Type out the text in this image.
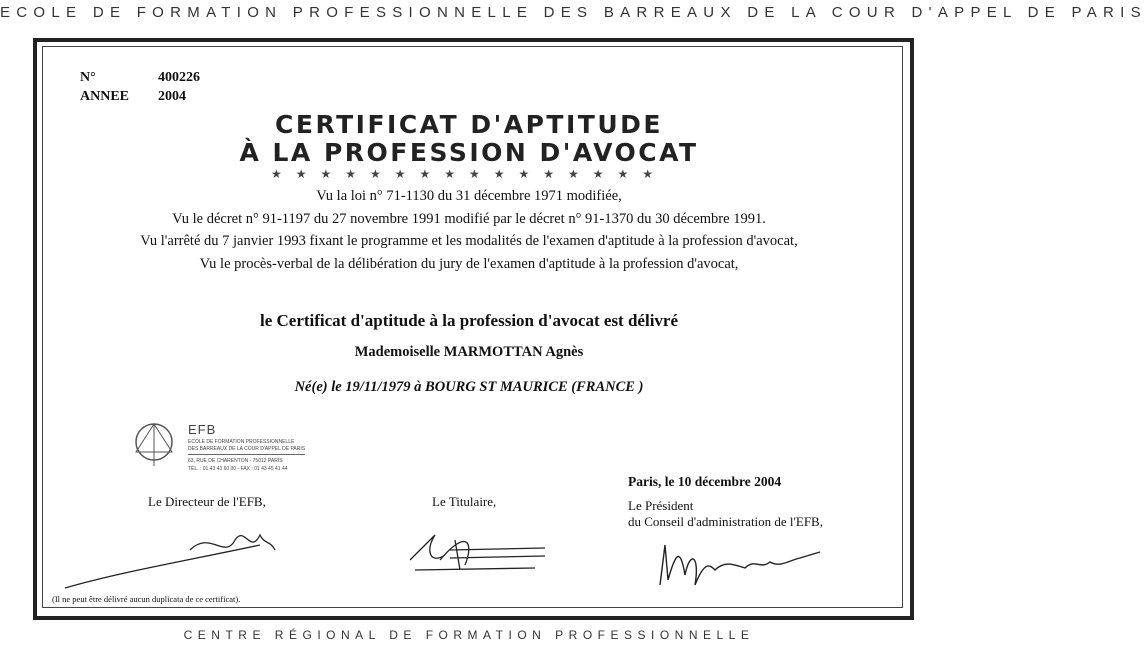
ECOLE DE FORMATION PROFESSIONNELLE DES BARREAUX DE LA COUR D'APPEL DE PARIS
N°	400226
ANNEE 2004
CERTIFICAT D'APTITUDE
À LA PROFESSION D'AVOCAT
★★★★★★★★★★★★★★★★
Vu la loi n° 71-1130 du 31 décembre 1971 modifiée,
Vu le décret n° 91-1197 du 27 novembre 1991 modifié par le décret n° 91-1370 du 30 décembre 1991.
Vu l'arrêté du 7 janvier 1993 fixant le programme et les modalités de l'examen d'aptitude à la profession d'avocat,
Vu le procès-verbal de la délibération du jury de l'examen d'aptitude à la profession d'avocat,
le Certificat d'aptitude à la profession d'avocat est délivré
Mademoiselle MARMOTTAN Agnès
Né(e) le 19/11/1979 à BOURG ST MAURICE (FRANCE )
EFB
ECOLE DE FORMATION PROFESSIONNELLE
DES BARREAUX DE LA COUR D'APPEL DE PARIS
63, RUE DE CHARENTON - 75012 PARIS
TÉL. : 01 43 43 60 00 - FAX : 01 43 45 41 44
Paris, le 10 décembre 2004
Le Directeur de l'EFB,	Le Titulaire,	Le Président
du Conseil d'administration de l'EFB,
(Il ne peut être délivré aucun duplicata de ce certificat).
CENTRE RÉGIONAL DE FORMATION PROFESSIONNELLE
